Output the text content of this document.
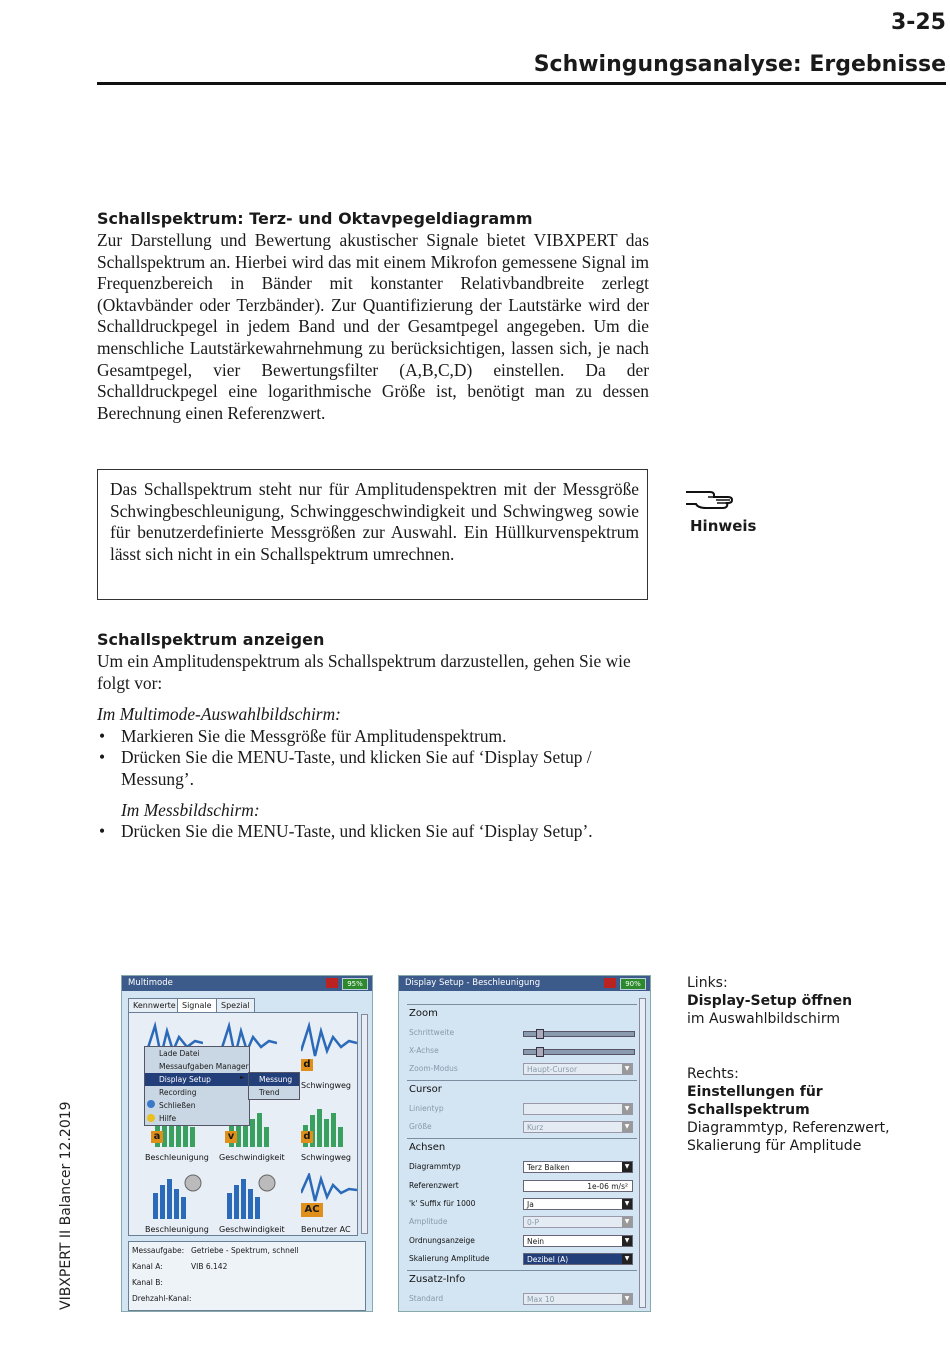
3-25
Schwingungsanalyse: Ergebnisse
Schallspektrum: Terz- und Oktavpegeldiagramm

Zur Darstellung und Bewertung akustischer Signale bietet VIBXPERT das Schallspektrum an. Hierbei wird das mit einem Mikrofon gemessene Signal im Frequenzbereich in Bänder mit konstanter Relativbandbreite zerlegt (Oktavbänder oder Terzbänder). Zur Quantifizierung der Lautstärke wird der Schalldruckpegel in jedem Band und der Gesamtpegel angegeben. Um die menschliche Lautstärkewahrnehmung zu berücksichtigen, lassen sich, je nach Gesamtpegel, vier Bewertungsfilter (A,B,C,D) einstellen. Da der Schalldruckpegel eine logarithmische Größe ist, benötigt man zu dessen Berechnung einen Referenzwert.

Das Schallspektrum steht nur für Amplitudenspektren mit der Messgröße Schwingbeschleunigung, Schwinggeschwindigkeit und Schwingweg sowie für benutzerdefinierte Messgrößen zur Auswahl. Ein Hüllkurvenspektrum lässt sich nicht in ein Schallspektrum umrechnen.

Hinweis
Schallspektrum anzeigen

Um ein Amplitudenspektrum als Schallspektrum darzustellen, gehen Sie wie folgt vor:

Im Multimode-Auswahlbildschirm:
• Markieren Sie die Messgröße für Amplitudenspektrum.
• Drücken Sie die MENU-Taste, und klicken Sie auf ‘Display Setup / Messung’.
Im Messbildschirm:
• Drücken Sie die MENU-Taste, und klicken Sie auf ‘Display Setup’.
VIBXPERT II Balancer 12.2019
Multimode	95%
Kennwerte Signale	Spezial
d
Schwingweg
a	v	d
Beschleunigung Geschwindigkeit Schwingweg
AC
Beschleunigung Geschwindigkeit Benutzer AC
Lade Datei
Messaufgaben Manager
Display Setup
Recording
Schließen
Hilfe
►	Messung
Trend
Messaufgabe: Getriebe - Spektrum, schnell
Kanal A:	VIB 6.142
Kanal B:
Drehzahl-Kanal:
Display Setup - Beschleunigung	90%
Zoom
Schrittweite
X-Achse
Zoom-Modus	Haupt-Cursor	▼
Cursor
Linientyp	▼
Größe	Kurz	▼
Achsen
Diagrammtyp	Terz Balken	▼
Referenzwert	1e-06 m/s²
'k' Suffix für 1000	Ja	▼
Amplitude	0-P	▼
Ordnungsanzeige	Nein	▼
Skalierung Amplitude	Dezibel (A)	▼
Zusatz-Info
Standard	Max 10	▼
Links:
Display-Setup öffnen
im Auswahlbildschirm
Rechts:
Einstellungen für Schallspektrum
Diagrammtyp, Referenzwert, Skalierung für Amplitude
